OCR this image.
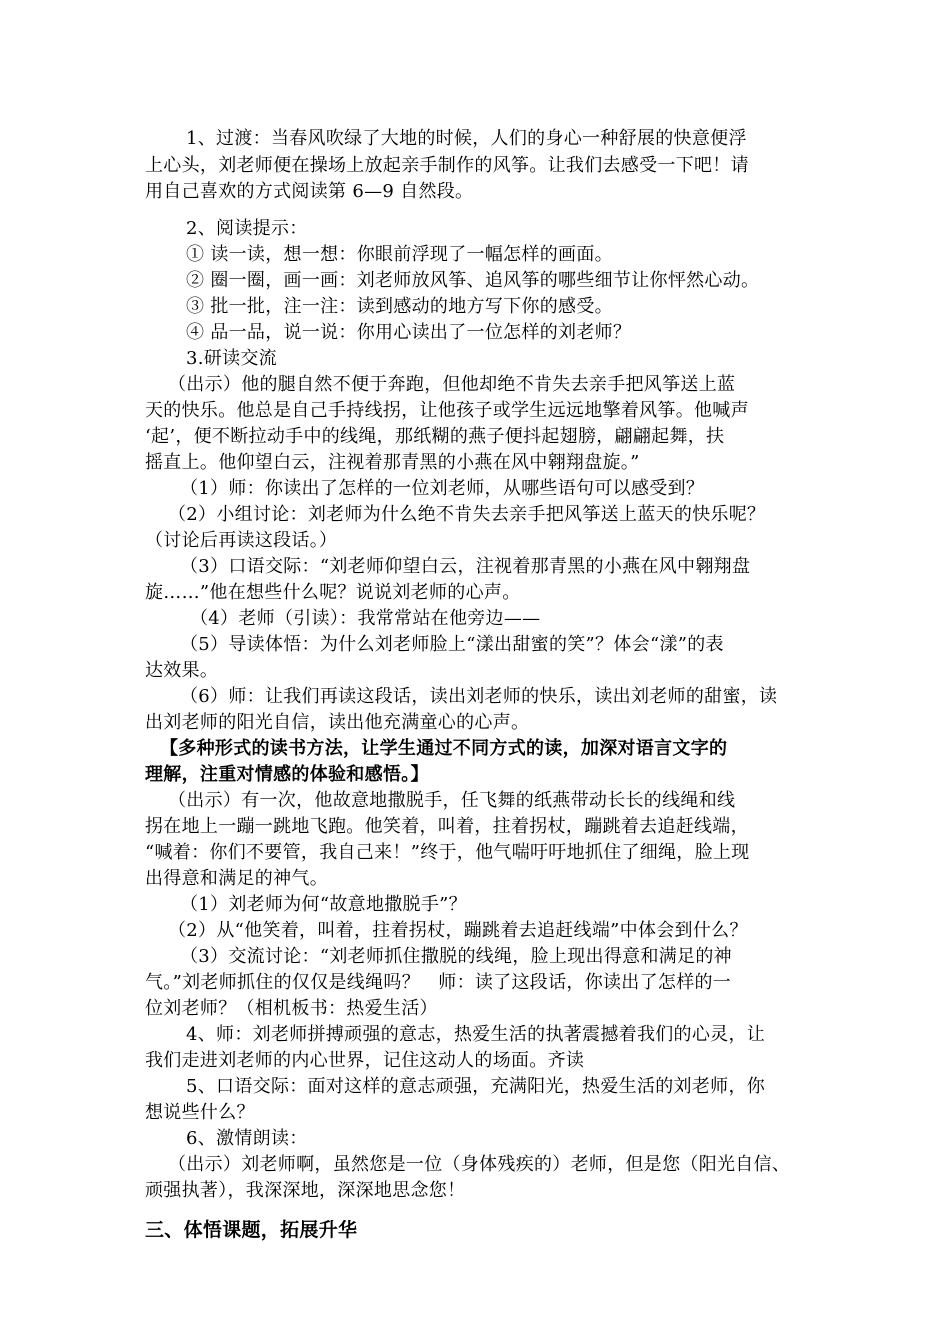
1、过渡：当春风吹绿了大地的时候，人们的身心一种舒展的快意便浮
上心头，刘老师便在操场上放起亲手制作的风筝。让我们去感受一下吧！请
用自己喜欢的方式阅读第 6—9 自然段。
2、阅读提示：
① 读一读，想一想：你眼前浮现了一幅怎样的画面。
② 圈一圈，画一画：刘老师放风筝、追风筝的哪些细节让你怦然心动。
③ 批一批，注一注：读到感动的地方写下你的感受。
④ 品一品，说一说：你用心读出了一位怎样的刘老师？
3.研读交流
（出示）他的腿自然不便于奔跑，但他却绝不肯失去亲手把风筝送上蓝
天的快乐。他总是自己手持线拐，让他孩子或学生远远地擎着风筝。他喊声
‘起’，便不断拉动手中的线绳，那纸糊的燕子便抖起翅膀，翩翩起舞，扶
摇直上。他仰望白云，注视着那青黑的小燕在风中翱翔盘旋。”
（1）师：你读出了怎样的一位刘老师，从哪些语句可以感受到？
（2）小组讨论：刘老师为什么绝不肯失去亲手把风筝送上蓝天的快乐呢？
（讨论后再读这段话。）
（3）口语交际：“刘老师仰望白云，注视着那青黑的小燕在风中翱翔盘
旋……”他在想些什么呢？说说刘老师的心声。
（4）老师（引读）：我常常站在他旁边——
（5）导读体悟：为什么刘老师脸上“漾出甜蜜的笑”？体会“漾”的表
达效果。
（6）师：让我们再读这段话，读出刘老师的快乐，读出刘老师的甜蜜，读
出刘老师的阳光自信，读出他充满童心的心声。
【多种形式的读书方法，让学生通过不同方式的读，加深对语言文字的
理解，注重对情感的体验和感悟。】
（出示）有一次，他故意地撒脱手，任飞舞的纸燕带动长长的线绳和线
拐在地上一蹦一跳地飞跑。他笑着，叫着，拄着拐杖，蹦跳着去追赶线端，
“喊着：你们不要管，我自己来！”终于，他气喘吁吁地抓住了细绳，脸上现
出得意和满足的神气。
（1）刘老师为何“故意地撒脱手”？
（2）从“他笑着，叫着，拄着拐杖，蹦跳着去追赶线端”中体会到什么？
（3）交流讨论：“刘老师抓住撒脱的线绳，脸上现出得意和满足的神
气。”刘老师抓住的仅仅是线绳吗？　师：读了这段话，你读出了怎样的一
位刘老师？（相机板书：热爱生活）
4、师：刘老师拼搏顽强的意志，热爱生活的执著震撼着我们的心灵，让
我们走进刘老师的内心世界，记住这动人的场面。齐读
5、口语交际：面对这样的意志顽强，充满阳光，热爱生活的刘老师，你
想说些什么？
6、激情朗读：
（出示）刘老师啊，虽然您是一位（身体残疾的）老师，但是您（阳光自信、
顽强执著），我深深地，深深地思念您！
三、体悟课题，拓展升华
